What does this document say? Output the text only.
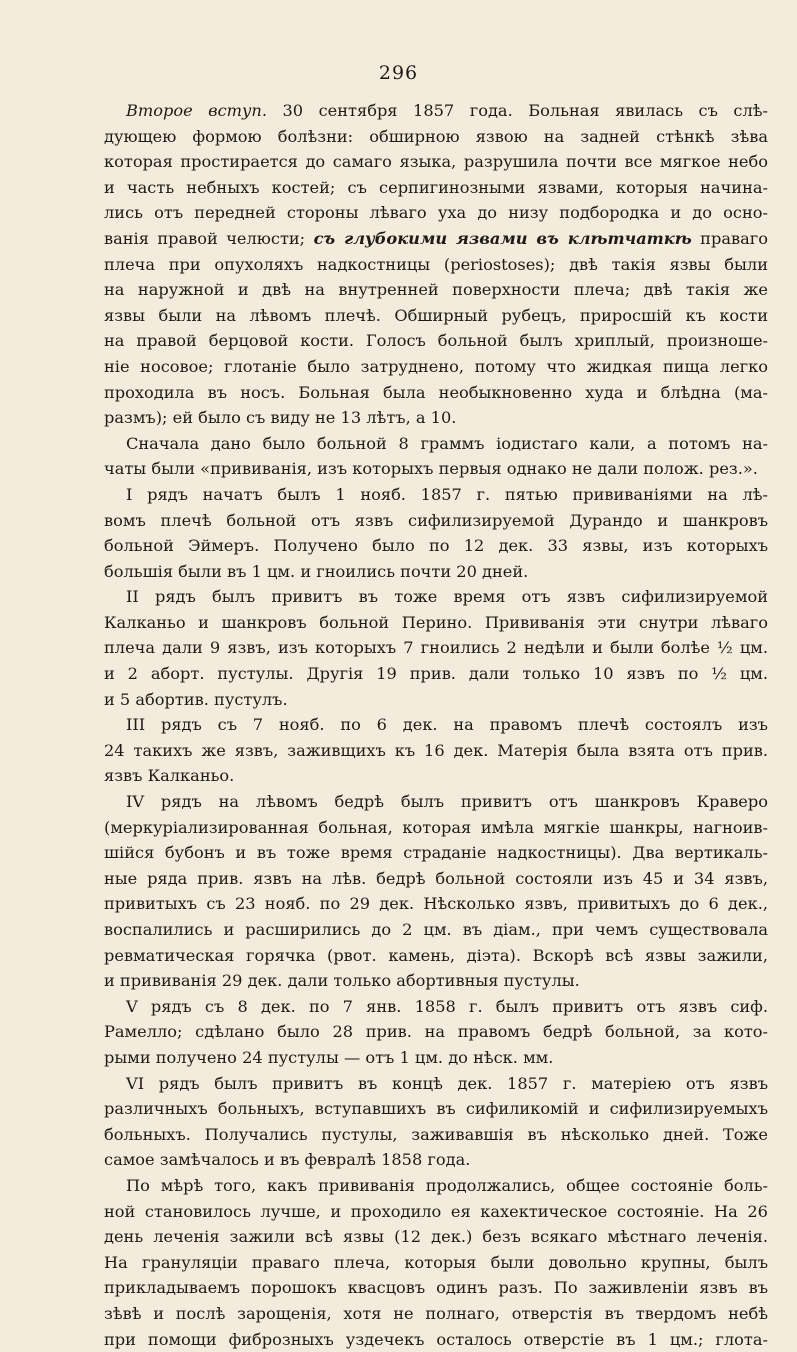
296
Второе вступ. 30 сентября 1857 года. Больная явилась съ слѣ-
дующею формою болѣзни: обширною язвою на задней стѣнкѣ зѣва
которая простирается до самаго языка, разрушила почти все мягкое небо
и часть небныхъ костей; съ серпигинозными язвами, которыя начина-
лись отъ передней стороны лѣваго уха до низу подбородка и до осно-
ванія правой челюсти; съ глубокими язвами въ клѣтчаткѣ праваго
плеча при опухоляхъ надкостницы (periostoses); двѣ такія язвы были
на наружной и двѣ на внутренней поверхности плеча; двѣ такія же
язвы были на лѣвомъ плечѣ. Обширный рубецъ, приросшій къ кости
на правой берцовой кости. Голосъ больной былъ хриплый, произноше-
ніе носовое; глотаніе было затруднено, потому что жидкая пища легко
проходила въ носъ. Больная была необыкновенно худа и блѣдна (ма-
размъ); ей было съ виду не 13 лѣтъ, а 10.
Сначала дано было больной 8 граммъ іодистаго кали, а потомъ на-
чаты были «прививанія, изъ которыхъ первыя однако не дали полож. рез.».
I рядъ начатъ былъ 1 нояб. 1857 г. пятью прививаніями на лѣ-
вомъ плечѣ больной отъ язвъ сифилизируемой Дурандо и шанкровъ
больной Эймеръ. Получено было по 12 дек. 33 язвы, изъ которыхъ
большія были въ 1 цм. и гноились почти 20 дней.
II рядъ былъ привитъ въ тоже время отъ язвъ сифилизируемой
Калканьо и шанкровъ больной Перино. Прививанія эти снутри лѣваго
плеча дали 9 язвъ, изъ которыхъ 7 гноились 2 недѣли и были болѣе ½ цм.
и 2 аборт. пустулы. Другія 19 прив. дали только 10 язвъ по ½ цм.
и 5 абортив. пустулъ.
III рядъ съ 7 нояб. по 6 дек. на правомъ плечѣ состоялъ изъ
24 такихъ же язвъ, заживщихъ къ 16 дек. Матерія была взята отъ прив.
язвъ Калканьо.
IV рядъ на лѣвомъ бедрѣ былъ привитъ отъ шанкровъ Краверо
(меркуріализированная больная, которая имѣла мягкіе шанкры, нагноив-
шійся бубонъ и въ тоже время страданіе надкостницы). Два вертикаль-
ные ряда прив. язвъ на лѣв. бедрѣ больной состояли изъ 45 и 34 язвъ,
привитыхъ съ 23 нояб. по 29 дек. Нѣсколько язвъ, привитыхъ до 6 дек.,
воспалились и расширились до 2 цм. въ діам., при чемъ существовала
ревматическая горячка (рвот. камень, діэта). Вскорѣ всѣ язвы зажили,
и прививанія 29 дек. дали только абортивныя пустулы.
V рядъ съ 8 дек. по 7 янв. 1858 г. былъ привитъ отъ язвъ сиф.
Рамелло; сдѣлано было 28 прив. на правомъ бедрѣ больной, за кото-
рыми получено 24 пустулы — отъ 1 цм. до нѣск. мм.
VI рядъ былъ привитъ въ концѣ дек. 1857 г. матеріею отъ язвъ
различныхъ больныхъ, вступавшихъ въ сифиликомій и сифилизируемыхъ
больныхъ. Получались пустулы, заживавшія въ нѣсколько дней. Тоже
самое замѣчалось и въ февралѣ 1858 года.
По мѣрѣ того, какъ прививанія продолжались, общее состояніе боль-
ной становилось лучше, и проходило ея кахектическое состояніе. На 26
день леченія зажили всѣ язвы (12 дек.) безъ всякаго мѣстнаго леченія.
На грануляціи праваго плеча, которыя были довольно крупны, былъ
прикладываемъ порошокъ квасцовъ одинъ разъ. По заживленіи язвъ въ
зѣвѣ и послѣ зарощенія, хотя не полнаго, отверстія въ твердомъ небѣ
при помощи фиброзныхъ уздечекъ осталось отверстіе въ 1 цм.; глота-
